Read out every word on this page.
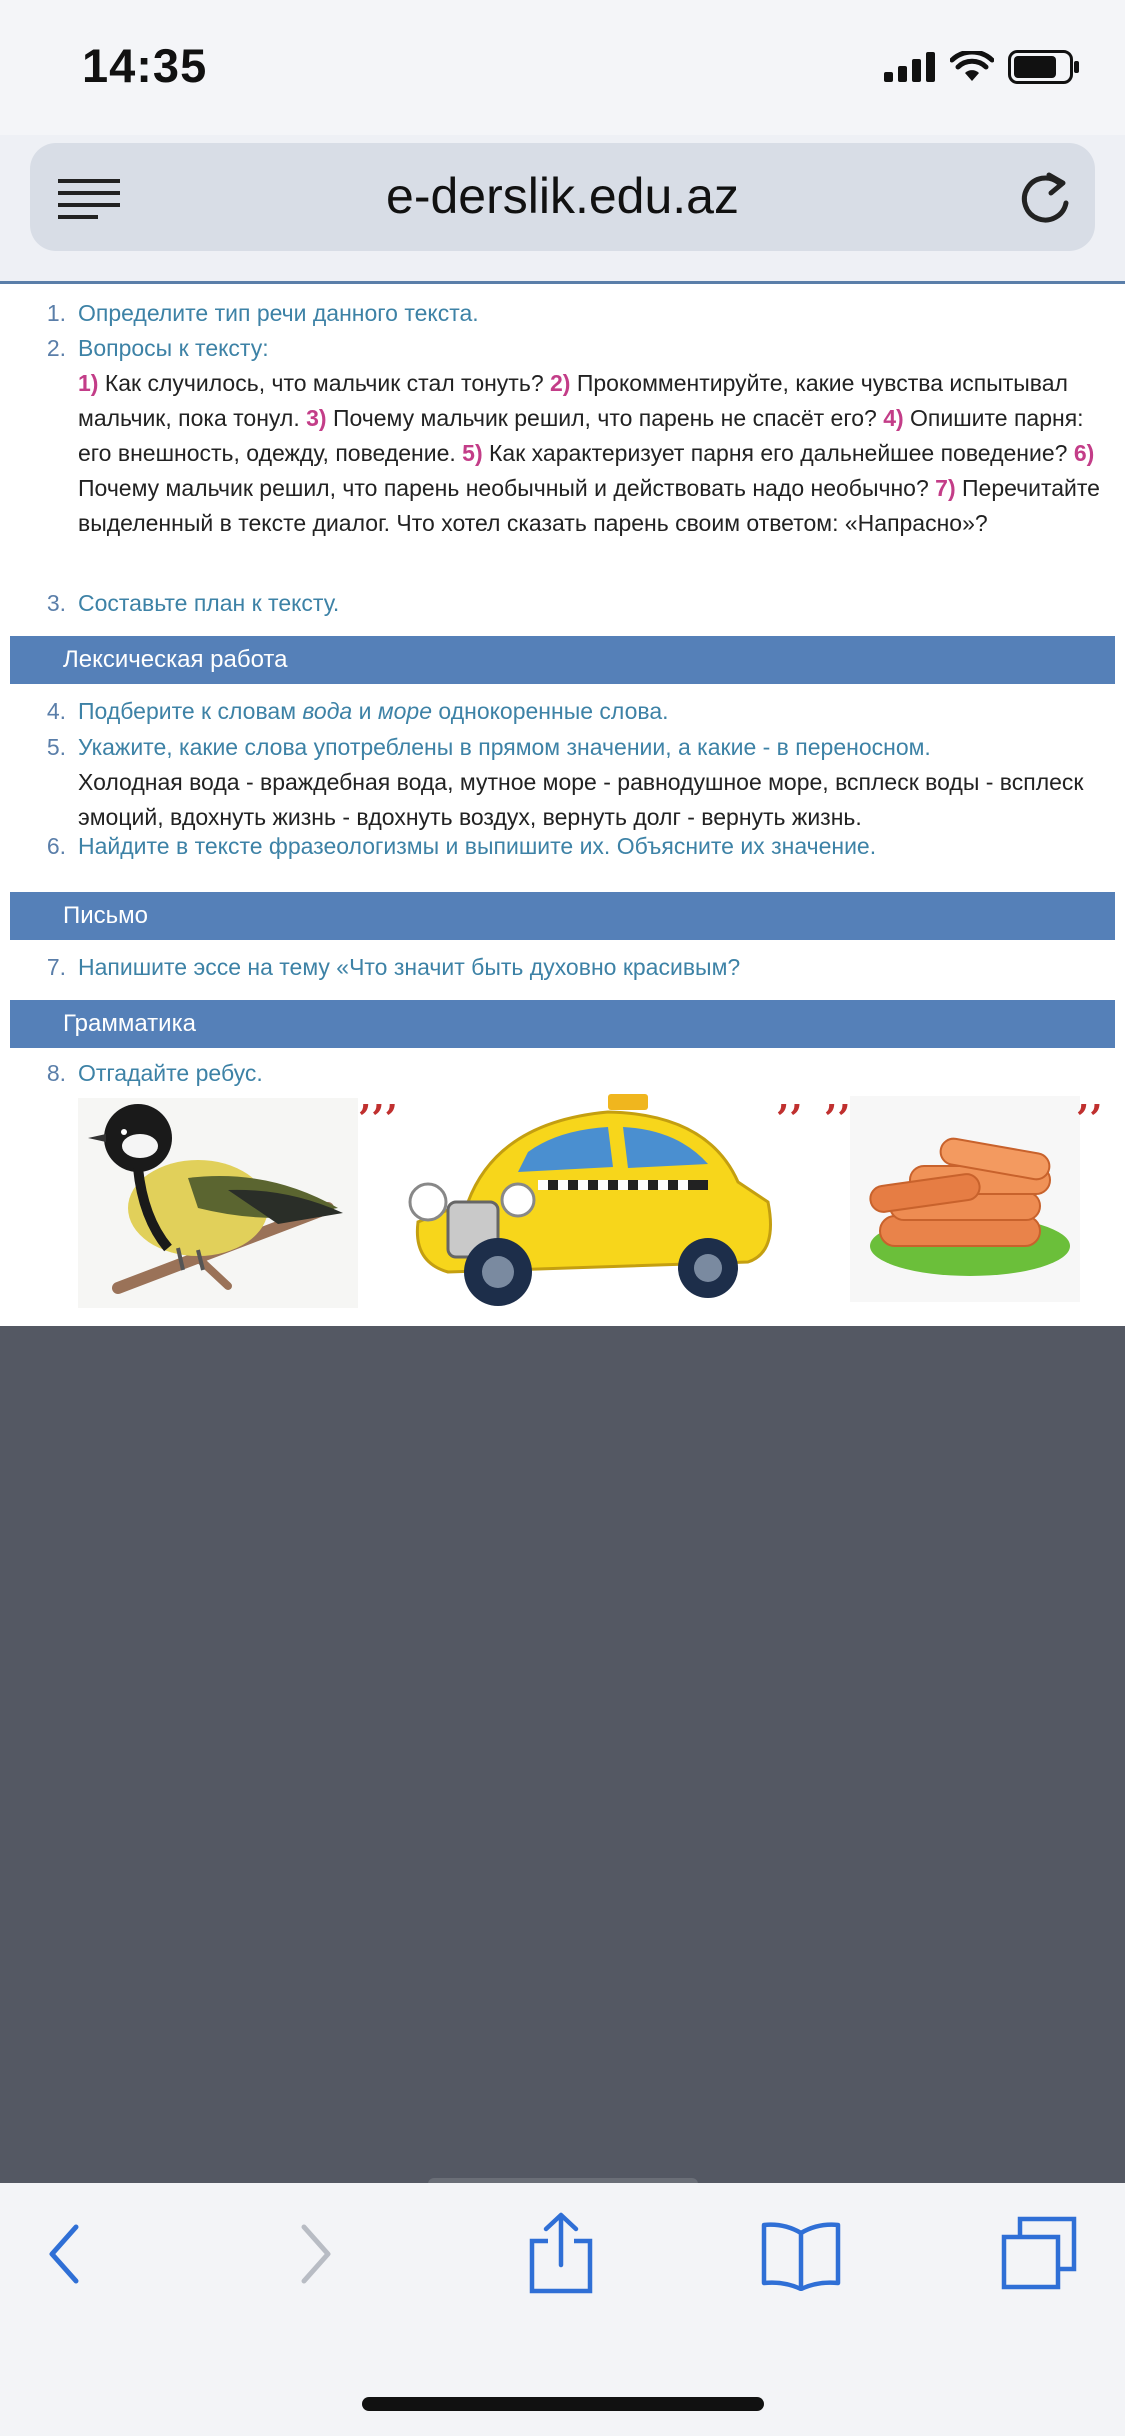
14:35
e-derslik.edu.az
1. Определите тип речи данного текста.
2. Вопросы к тексту:
1) Как случилось, что мальчик стал тонуть? 2) Прокомментируйте, какие чувства испытывал мальчик, пока тонул. 3) Почему мальчик решил, что парень не спасёт его? 4) Опишите парня: его внешность, одежду, поведение. 5) Как характеризует парня его дальнейшее поведение? 6) Почему мальчик решил, что парень необычный и действовать надо необычно? 7) Перечитайте выделенный в тексте диалог. Что хотел сказать парень своим ответом: «Напрасно»?
3. Составьте план к тексту.
Лексическая работа
4. Подберите к словам вода и море однокоренные слова.
5. Укажите, какие слова употреблены в прямом значении, а какие - в переносном.
Холодная вода - враждебная вода, мутное море - равнодушное море, всплеск воды - всплеск эмоций, вдохнуть жизнь - вдохнуть воздух, вернуть долг - вернуть жизнь.
6. Найдите в тексте фразеологизмы и выпишите их. Объясните их значение.
Письмо
7. Напишите эссе на тему «Что значит быть духовно красивым?
Грамматика
8. Отгадайте ребус.
’’’	’’ ’’	’’
